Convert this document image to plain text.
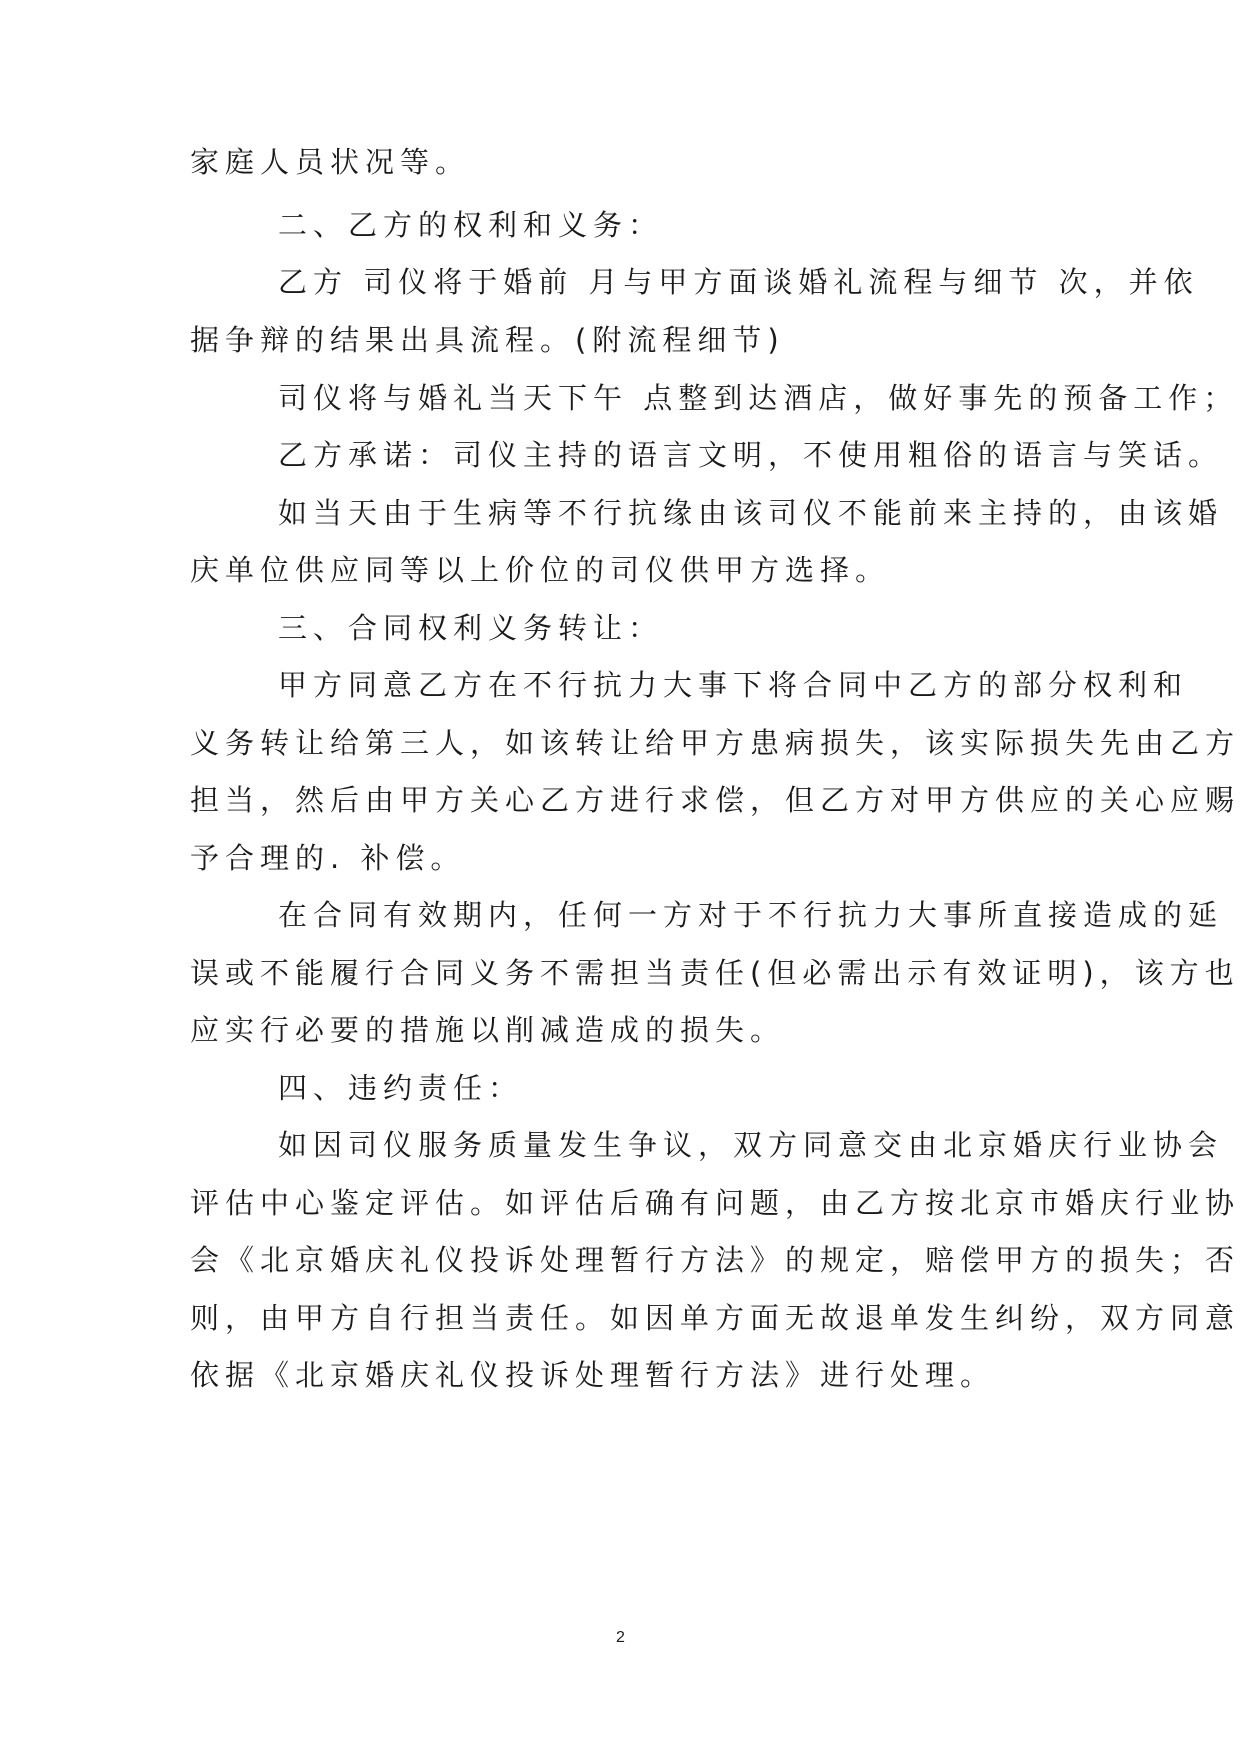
家庭人员状况等。
二、乙方的权利和义务：
乙方 司仪将于婚前 月与甲方面谈婚礼流程与细节 次，并依
据争辩的结果出具流程。(附流程细节)
司仪将与婚礼当天下午 点整到达酒店，做好事先的预备工作；
乙方承诺：司仪主持的语言文明，不使用粗俗的语言与笑话。
如当天由于生病等不行抗缘由该司仪不能前来主持的，由该婚
庆单位供应同等以上价位的司仪供甲方选择。
三、合同权利义务转让：
甲方同意乙方在不行抗力大事下将合同中乙方的部分权利和
义务转让给第三人，如该转让给甲方患病损失，该实际损失先由乙方
担当，然后由甲方关心乙方进行求偿，但乙方对甲方供应的关心应赐
予合理的. 补偿。
在合同有效期内，任何一方对于不行抗力大事所直接造成的延
误或不能履行合同义务不需担当责任(但必需出示有效证明)，该方也
应实行必要的措施以削减造成的损失。
四、违约责任：
如因司仪服务质量发生争议，双方同意交由北京婚庆行业协会
评估中心鉴定评估。如评估后确有问题，由乙方按北京市婚庆行业协
会《北京婚庆礼仪投诉处理暂行方法》的规定，赔偿甲方的损失；否
则，由甲方自行担当责任。如因单方面无故退单发生纠纷，双方同意
依据《北京婚庆礼仪投诉处理暂行方法》进行处理。
2
